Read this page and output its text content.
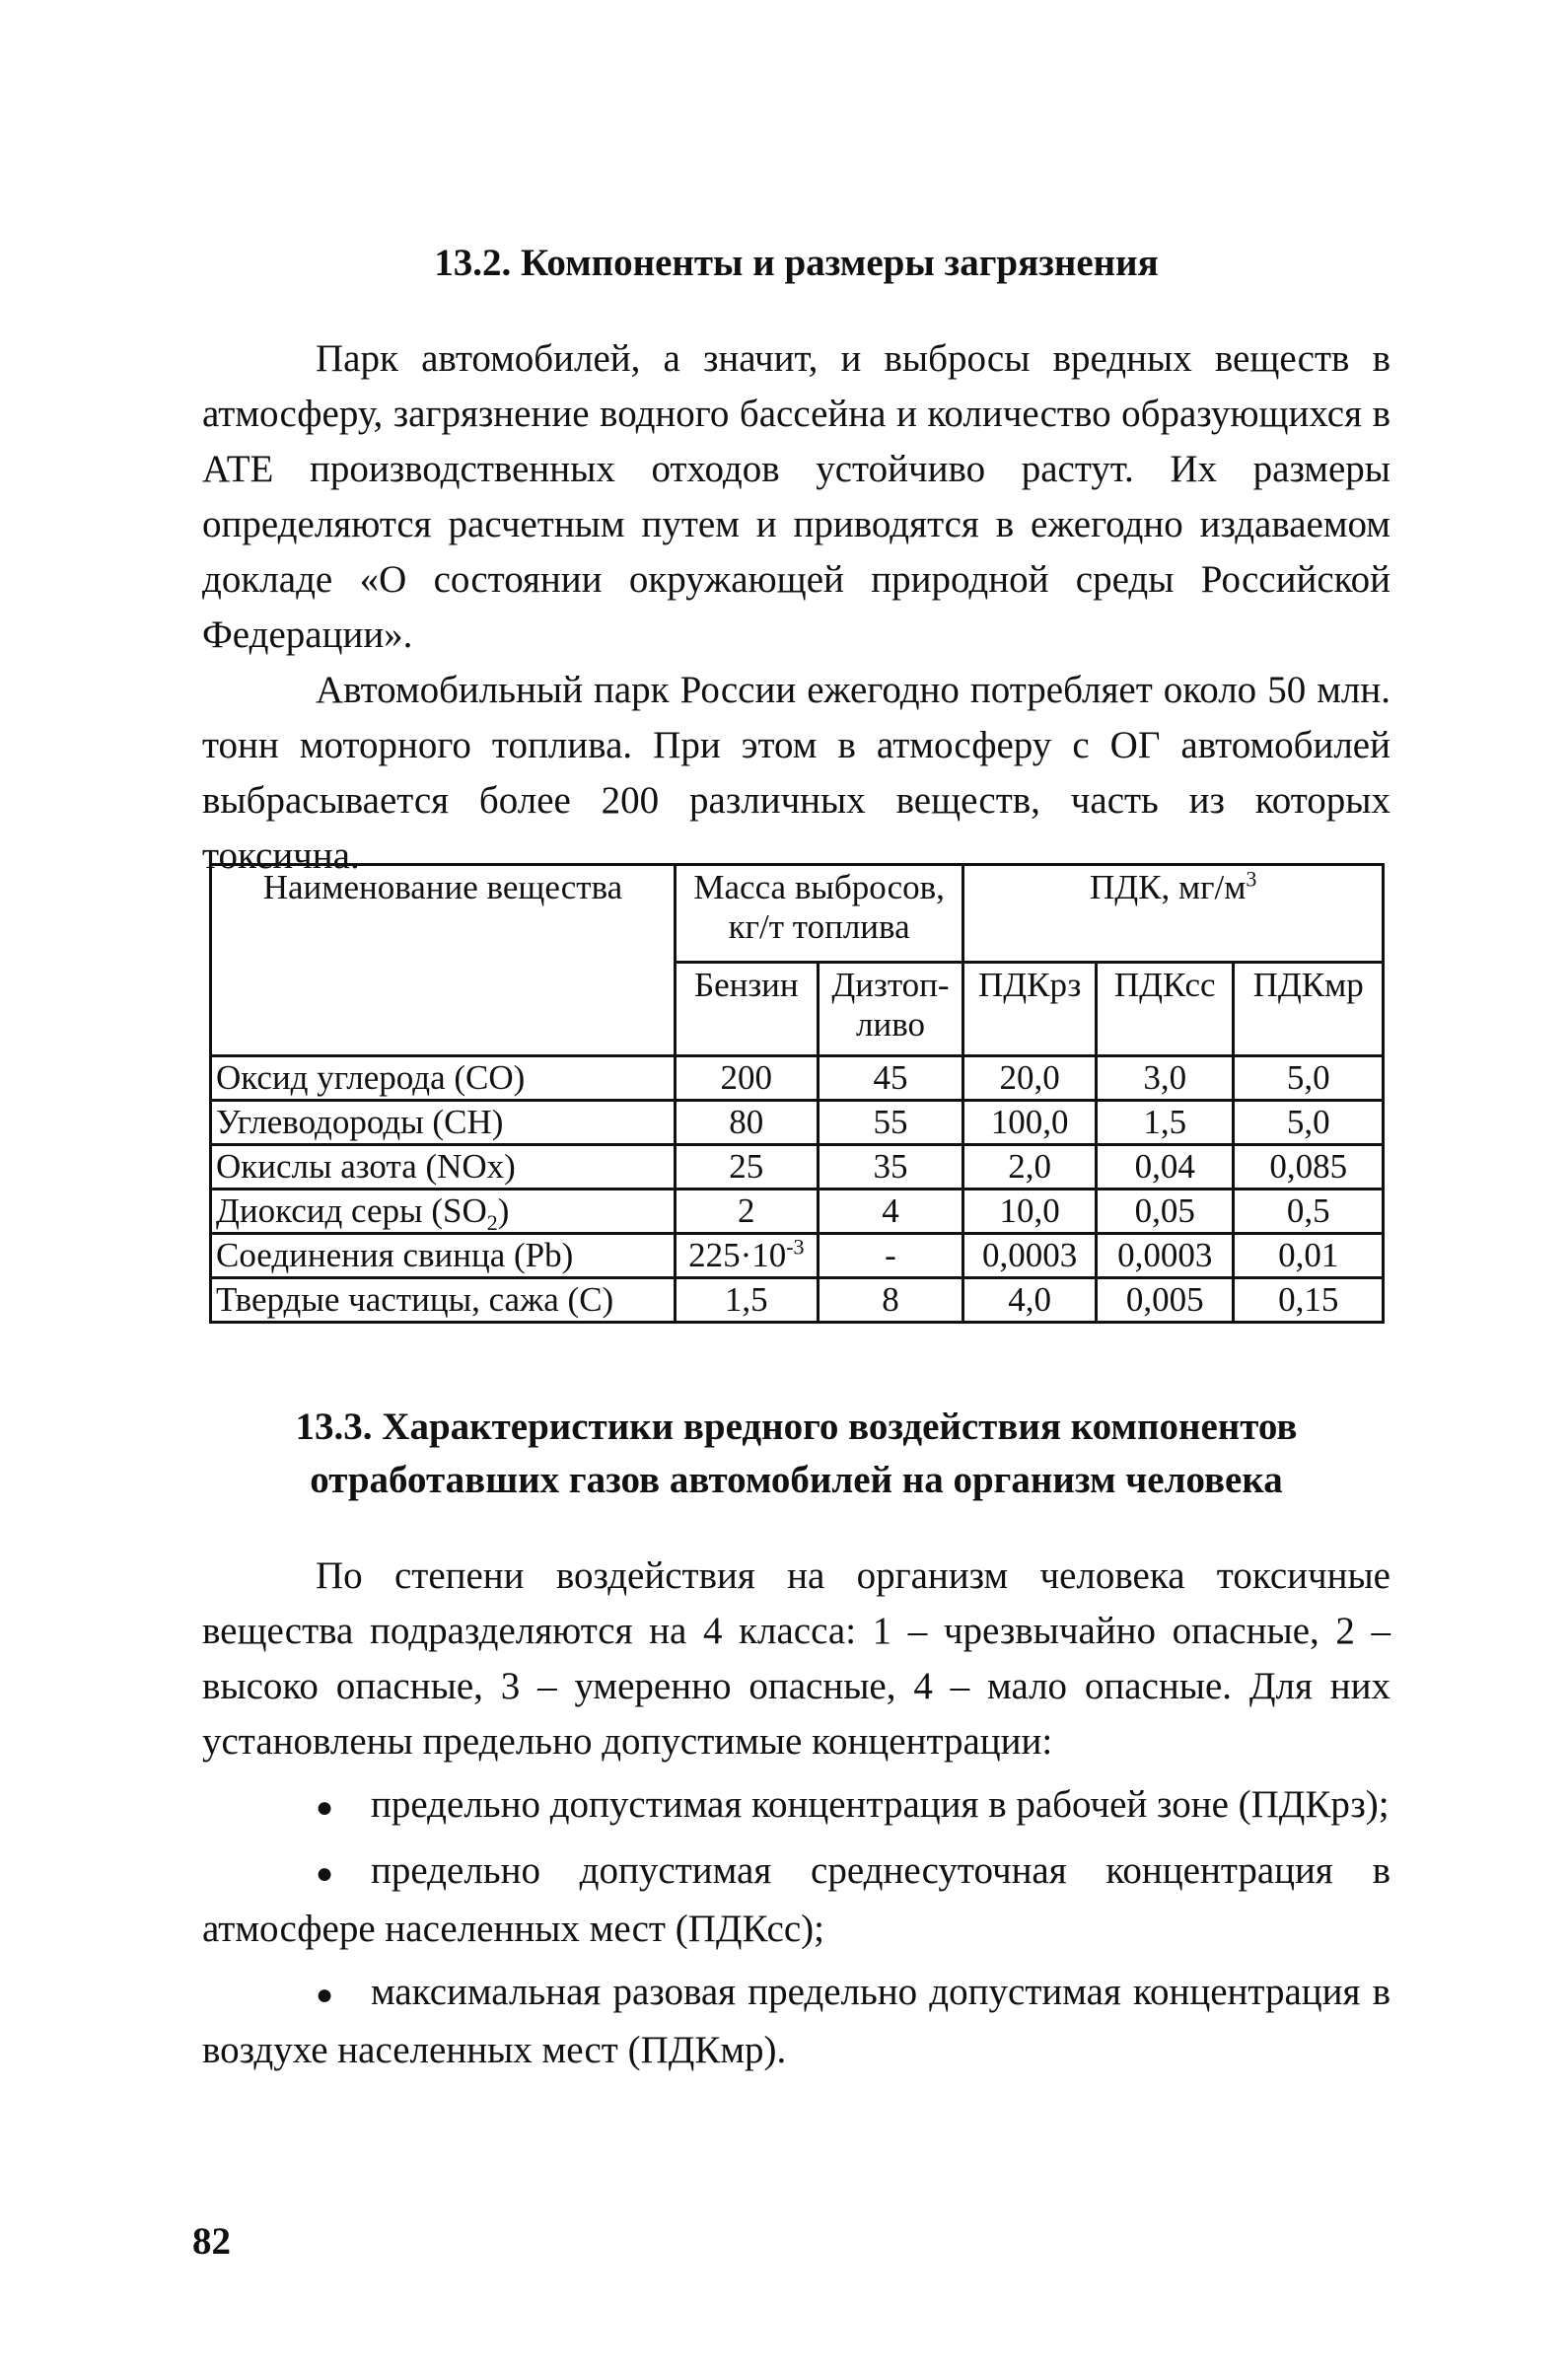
13.2. Компоненты и размеры загрязнения

Парк автомобилей, а значит, и выбросы вредных веществ в атмосферу, загрязнение водного бассейна и количество образующихся в АТЕ производственных отходов устойчиво растут. Их размеры определяются расчетным путем и приводятся в ежегодно издаваемом докладе «О состоянии окружающей природной среды Российской Федерации».

Автомобильный парк России ежегодно потребляет около 50 млн. тонн моторного топлива. При этом в атмосферу с ОГ автомобилей выбрасывается более 200 различных веществ, часть из которых токсична.

Наименование вещества	Масса выбросов, кг/т топлива		ПДК, $мг/м^3$
	Бензин	Дизтоп-ливо	ПДКрз	ПДКсс	ПДКмр
Оксид углерода (CO)	200	45	20,0	3,0	5,0
Углеводороды (CH)	80	55	100,0	1,5	5,0
Окислы азота (NOx)	25	35	2,0	0,04	0,085
Диоксид серы $(SO_2)$	2	4	10,0	0,05	0,5
Соединения свинца (Pb)	$225\cdot 10^{-3}$	-	0,0003	0,0003	0,01
Твердые частицы, сажа (С)	1,5	8	4,0	0,005	0,15
13.3. Характеристики вредного воздействия компонентов
отработавших газов автомобилей на организм человека

По степени воздействия на организм человека токсичные вещества подразделяются на 4 класса: 1 – чрезвычайно опасные, 2 – высоко опасные, 3 – умеренно опасные, 4 – мало опасные. Для них установлены предельно допустимые концентрации:

● предельно допустимая концентрация в рабочей зоне (ПДКрз);
● предельно допустимая среднесуточная концентрация в атмосфере населенных мест (ПДКсс);
● максимальная разовая предельно допустимая концентрация в воздухе населенных мест (ПДКмр).
82
